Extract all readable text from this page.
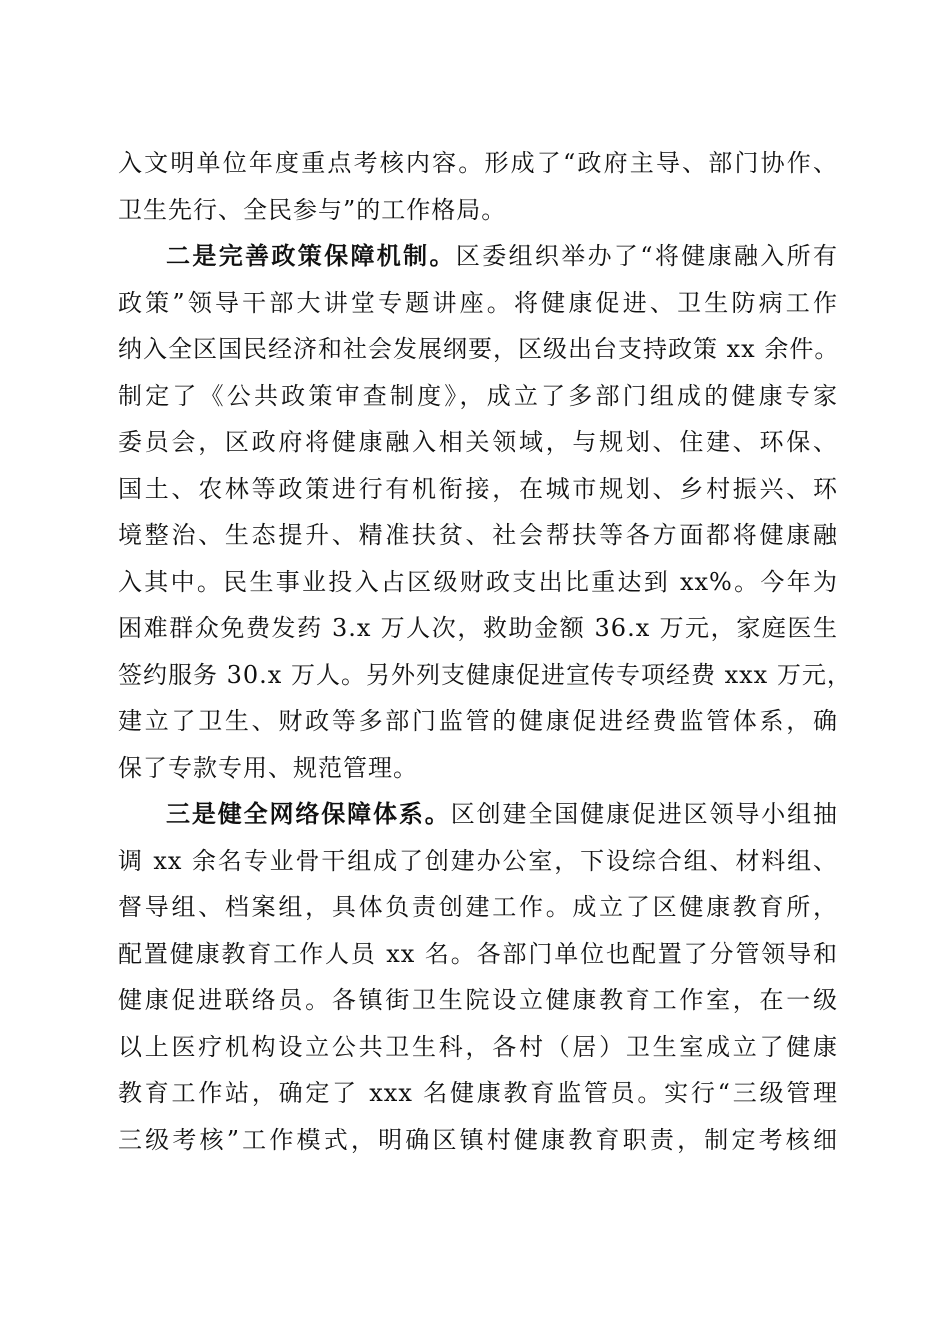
入文明单位年度重点考核内容。形成了“政府主导、部门协作、
卫生先行、全民参与”的工作格局。
二是完善政策保障机制。区委组织举办了“将健康融入所有
政策”领导干部大讲堂专题讲座。将健康促进、卫生防病工作
纳入全区国民经济和社会发展纲要，区级出台支持政策 xx 余件。
制定了《公共政策审查制度》，成立了多部门组成的健康专家
委员会，区政府将健康融入相关领域，与规划、住建、环保、
国土、农林等政策进行有机衔接，在城市规划、乡村振兴、环
境整治、生态提升、精准扶贫、社会帮扶等各方面都将健康融
入其中。民生事业投入占区级财政支出比重达到 xx%。今年为
困难群众免费发药 3.x 万人次，救助金额 36.x 万元，家庭医生
签约服务 30.x 万人。另外列支健康促进宣传专项经费 xxx 万元，
建立了卫生、财政等多部门监管的健康促进经费监管体系，确
保了专款专用、规范管理。
三是健全网络保障体系。区创建全国健康促进区领导小组抽
调 xx 余名专业骨干组成了创建办公室，下设综合组、材料组、
督导组、档案组，具体负责创建工作。成立了区健康教育所，
配置健康教育工作人员 xx 名。各部门单位也配置了分管领导和
健康促进联络员。各镇街卫生院设立健康教育工作室，在一级
以上医疗机构设立公共卫生科，各村（居）卫生室成立了健康
教育工作站，确定了 xxx 名健康教育监管员。实行“三级管理
三级考核”工作模式，明确区镇村健康教育职责，制定考核细
